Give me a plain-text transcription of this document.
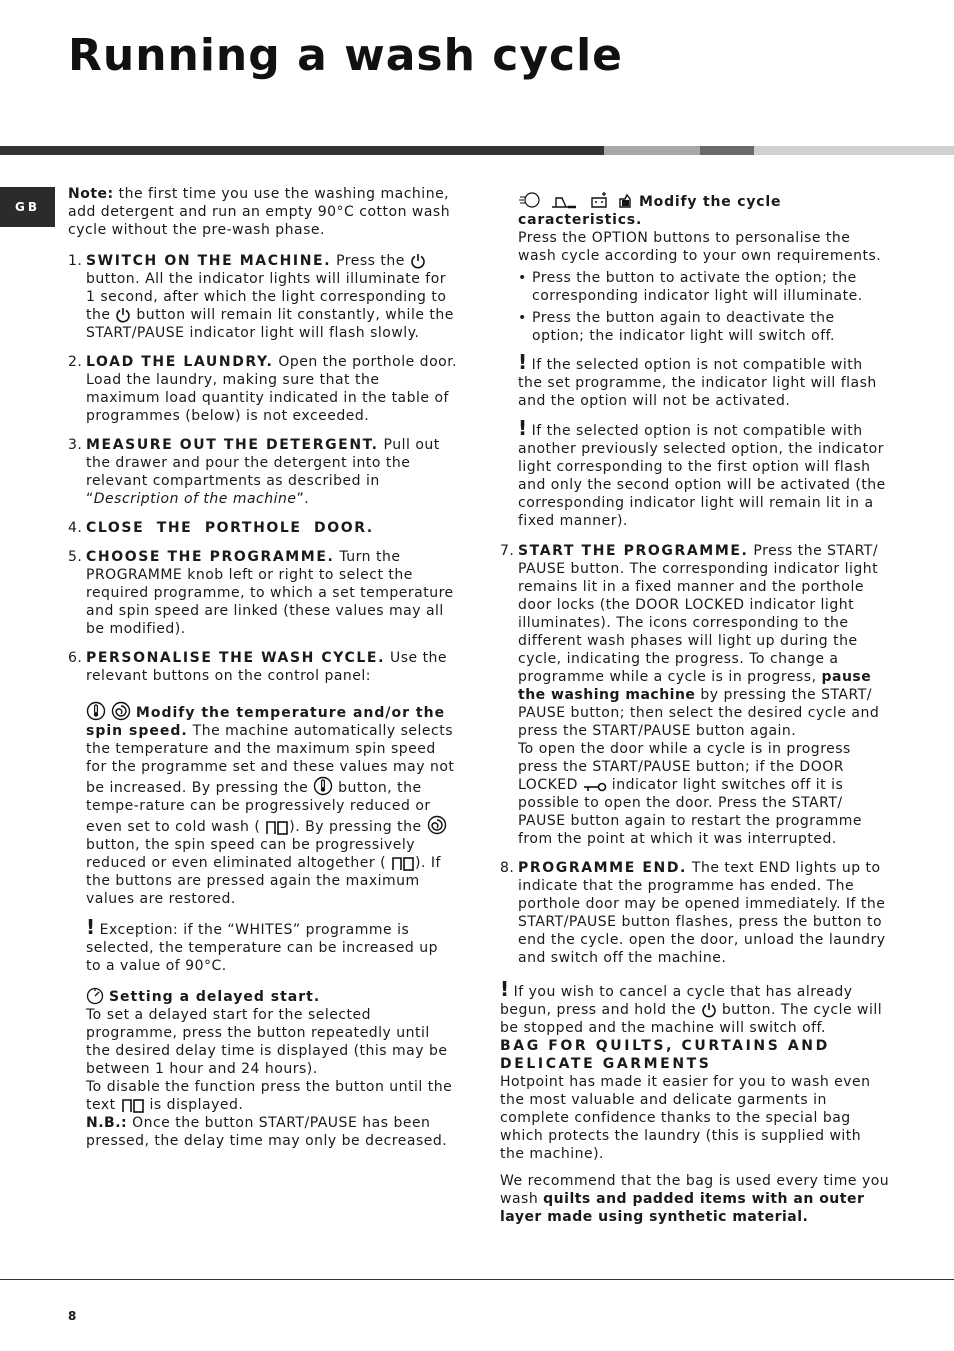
Running a wash cycle
GB

Note: the first time you use the washing machine, add detergent and run an empty 90°C cotton wash cycle without the pre-wash phase.

1. SWITCH ON THE MACHINE. Press the  button. All the indicator lights will illuminate for 1 second, after which the light corresponding to the  button will remain lit constantly, while the START/PAUSE indicator light will flash slowly.
2. LOAD THE LAUNDRY. Open the porthole door. Load the laundry, making sure that the maximum load quantity indicated in the table of programmes (below) is not exceeded.
3. MEASURE OUT THE DETERGENT. Pull out the drawer and pour the detergent into the relevant compartments as described in “Description of the machine”.
4. CLOSE THE PORTHOLE DOOR.
5. CHOOSE THE PROGRAMME. Turn the PROGRAMME knob left or right to select the required programme, to which a set temperature and spin speed are linked (these values may all be modified).
6. PERSONALISE THE WASH CYCLE. Use the relevant buttons on the control panel:
Modify the temperature and/or the spin speed. The machine automatically selects the temperature and the maximum spin speed for the programme set and these values may not be increased. By pressing the  button, the tempe-rature can be progressively reduced or even set to cold wash ( ). By pressing the  button, the spin speed can be progressively reduced or even eliminated altogether ( ). If the buttons are pressed again the maximum values are restored.
! Exception: if the “WHITES” programme is selected, the temperature can be increased up to a value of 90°C.
Setting a delayed start.

To set a delayed start for the selected programme, press the button repeatedly until the desired delay time is displayed (this may be between 1 hour and 24 hours).

To disable the function press the button until the text  is displayed.

N.B.: Once the button START/PAUSE has been pressed, the delay time may only be decreased.

Modify the cycle caracteristics.

Press the OPTION buttons to personalise the wash cycle according to your own requirements.

• Press the button to activate the option; the corresponding indicator light will illuminate.
• Press the button again to deactivate the option; the indicator light will switch off.

! If the selected option is not compatible with the set programme, the indicator light will flash and the option will not be activated.

! If the selected option is not compatible with another previously selected option, the indicator light corresponding to the first option will flash and only the second option will be activated (the corresponding indicator light will remain lit in a fixed manner).

7. START THE PROGRAMME. Press the START/ PAUSE button. The corresponding indicator light remains lit in a fixed manner and the porthole door locks (the DOOR LOCKED indicator light illuminates). The icons corresponding to the different wash phases will light up during the cycle, indicating the progress. To change a programme while a cycle is in progress, pause the washing machine by pressing the START/ PAUSE button; then select the desired cycle and press the START/PAUSE button again.

To open the door while a cycle is in progress press the START/PAUSE button; if the DOOR LOCKED  indicator light switches off it is possible to open the door. Press the START/ PAUSE button again to restart the programme from the point at which it was interrupted.

8. PROGRAMME END. The text END lights up to indicate that the programme has ended. The porthole door may be opened immediately. If the START/PAUSE button flashes, press the button to end the cycle. open the door, unload the laundry and switch off the machine.

! If you wish to cancel a cycle that has already begun, press and hold the  button. The cycle will be stopped and the machine will switch off.

BAG FOR QUILTS, CURTAINS AND DELICATE GARMENTS

Hotpoint has made it easier for you to wash even the most valuable and delicate garments in complete confidence thanks to the special bag which protects the laundry (this is supplied with the machine).

We recommend that the bag is used every time you wash quilts and padded items with an outer layer made using synthetic material.

8
